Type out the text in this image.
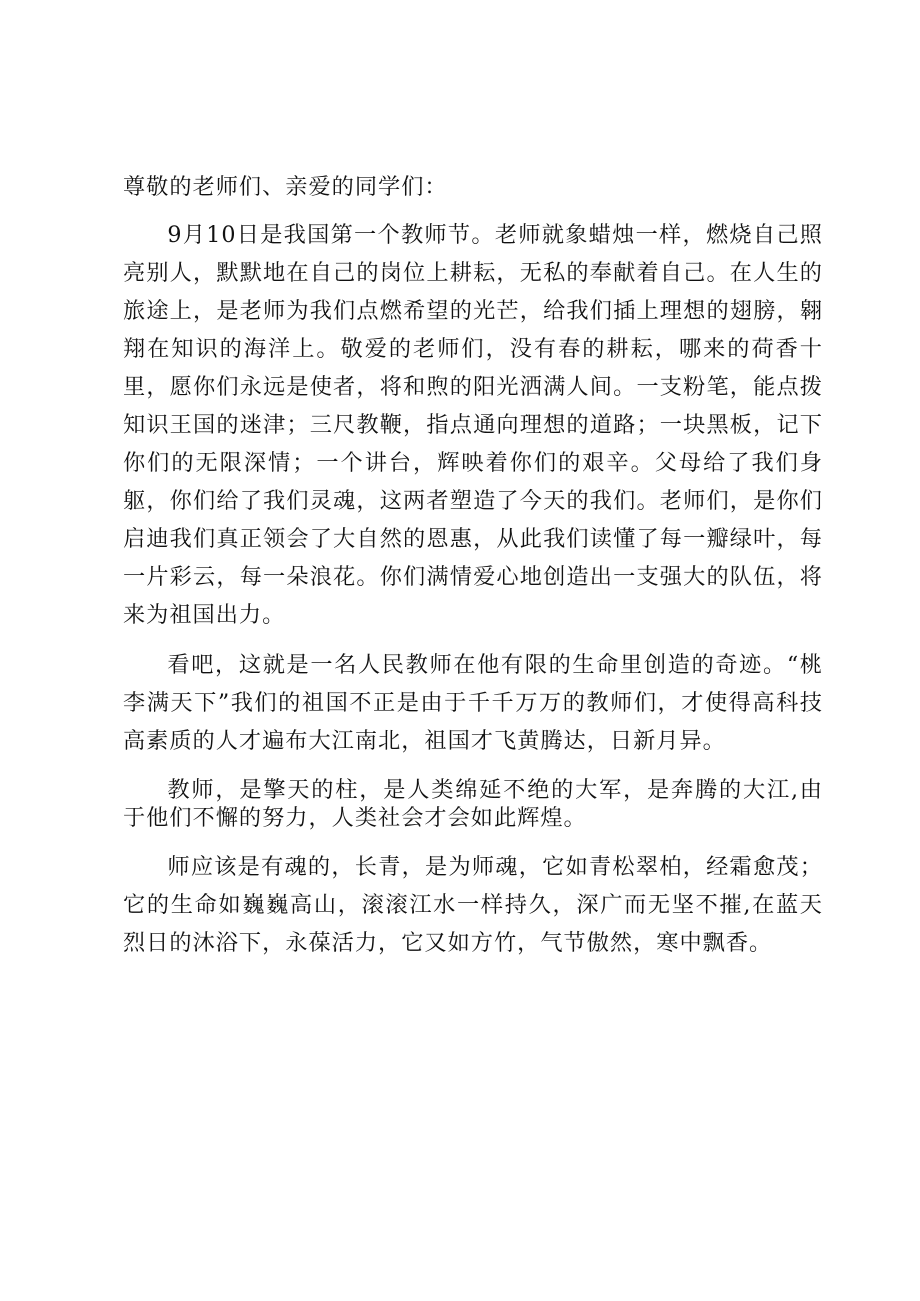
尊敬的老师们、亲爱的同学们：

9月10日是我国第一个教师节。老师就象蜡烛一样，燃烧自己照亮别人，默默地在自己的岗位上耕耘，无私的奉献着自己。在人生的旅途上，是老师为我们点燃希望的光芒，给我们插上理想的翅膀，翱翔在知识的海洋上。敬爱的老师们，没有春的耕耘，哪来的荷香十里，愿你们永远是使者，将和煦的阳光洒满人间。一支粉笔，能点拨知识王国的迷津；三尺教鞭，指点通向理想的道路；一块黑板，记下你们的无限深情；一个讲台，辉映着你们的艰辛。父母给了我们身躯，你们给了我们灵魂，这两者塑造了今天的我们。老师们，是你们启迪我们真正领会了大自然的恩惠，从此我们读懂了每一瓣绿叶，每一片彩云，每一朵浪花。你们满情爱心地创造出一支强大的队伍，将来为祖国出力。

看吧，这就是一名人民教师在他有限的生命里创造的奇迹。“桃李满天下”我们的祖国不正是由于千千万万的教师们，才使得高科技高素质的人才遍布大江南北，祖国才飞黄腾达，日新月异。

教师，是擎天的柱，是人类绵延不绝的大军，是奔腾的大江,由于他们不懈的努力，人类社会才会如此辉煌。

师应该是有魂的，长青，是为师魂，它如青松翠柏，经霜愈茂；它的生命如巍巍高山，滚滚江水一样持久，深广而无坚不摧,在蓝天烈日的沐浴下，永葆活力，它又如方竹，气节傲然，寒中飘香。
